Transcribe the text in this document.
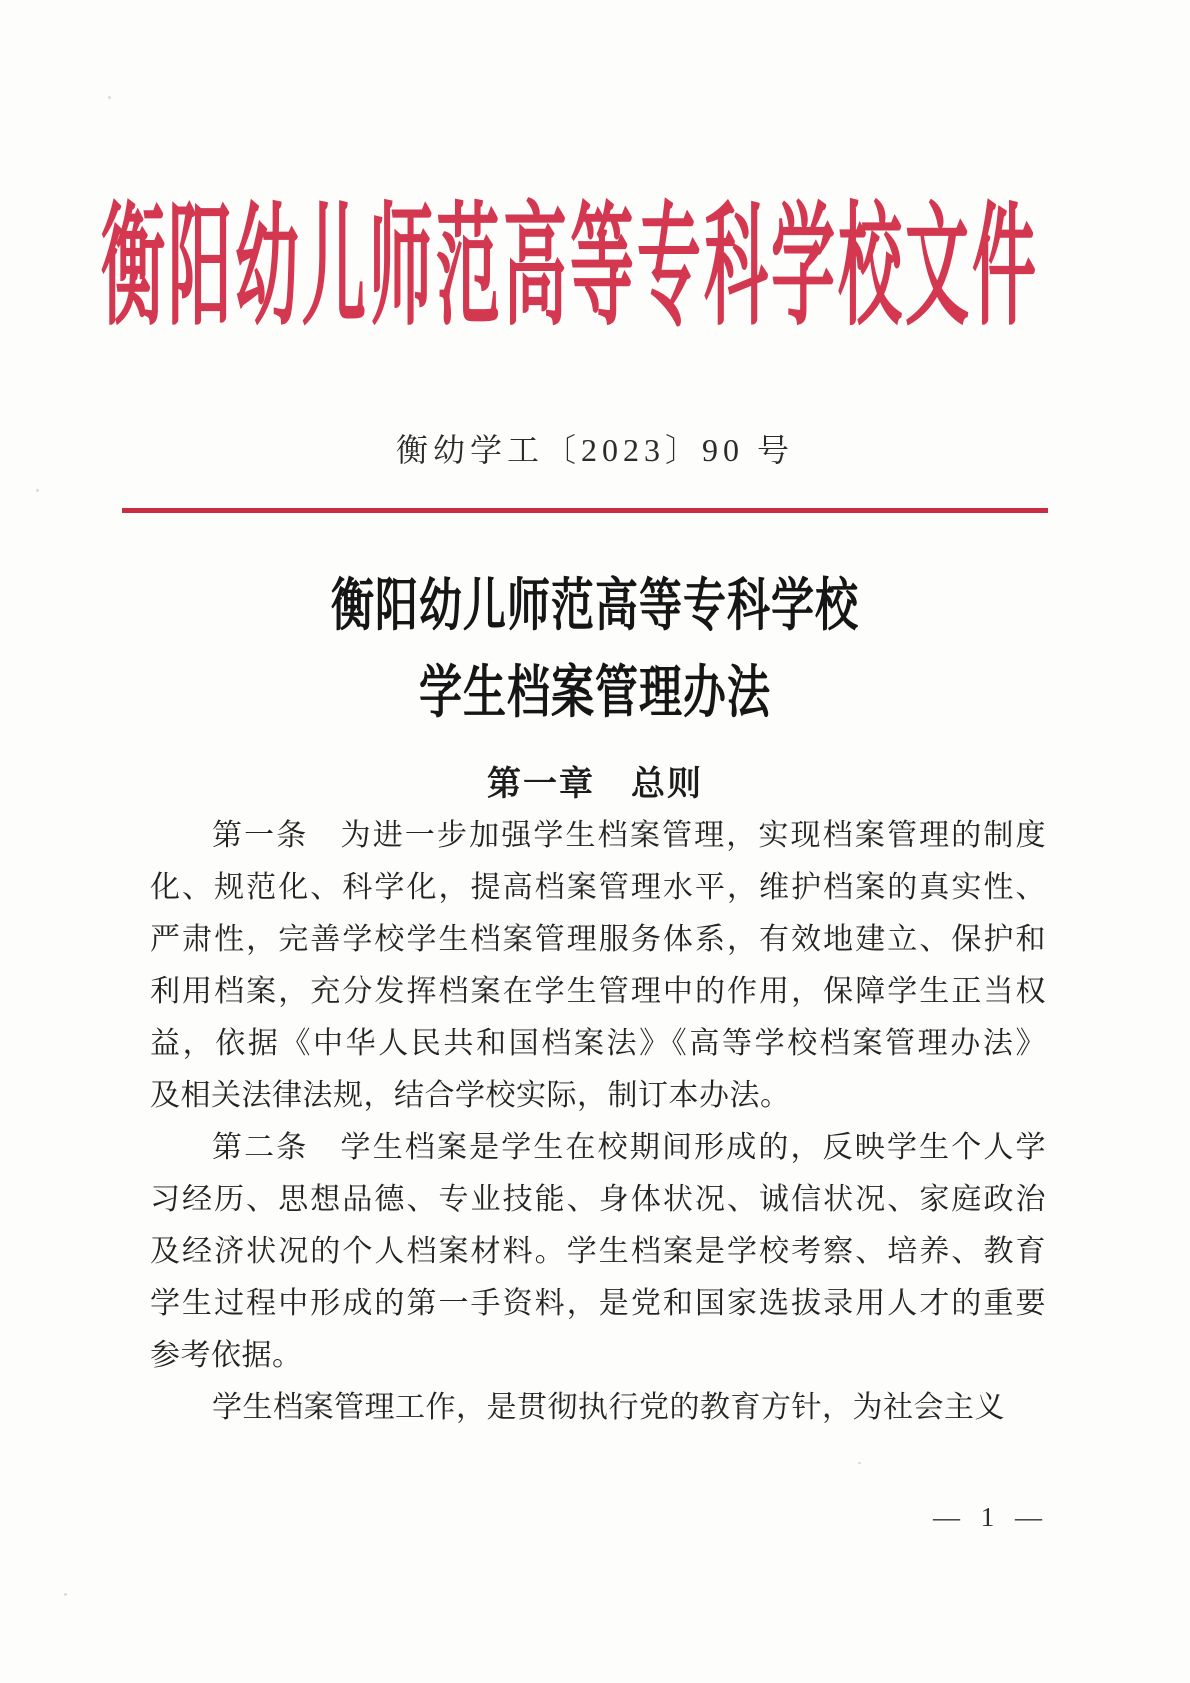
衡阳幼儿师范高等专科学校文件
衡幼学工〔2023〕90 号
衡阳幼儿师范高等专科学校
学生档案管理办法
第一章　总则
第一条　为进一步加强学生档案管理，实现档案管理的制度
化、规范化、科学化，提高档案管理水平，维护档案的真实性、
严肃性，完善学校学生档案管理服务体系，有效地建立、保护和
利用档案，充分发挥档案在学生管理中的作用，保障学生正当权
益，依据《中华人民共和国档案法》《高等学校档案管理办法》
及相关法律法规，结合学校实际，制订本办法。
第二条　学生档案是学生在校期间形成的，反映学生个人学
习经历、思想品德、专业技能、身体状况、诚信状况、家庭政治
及经济状况的个人档案材料。学生档案是学校考察、培养、教育
学生过程中形成的第一手资料，是党和国家选拔录用人才的重要
参考依据。
学生档案管理工作，是贯彻执行党的教育方针，为社会主义
— 1 —
